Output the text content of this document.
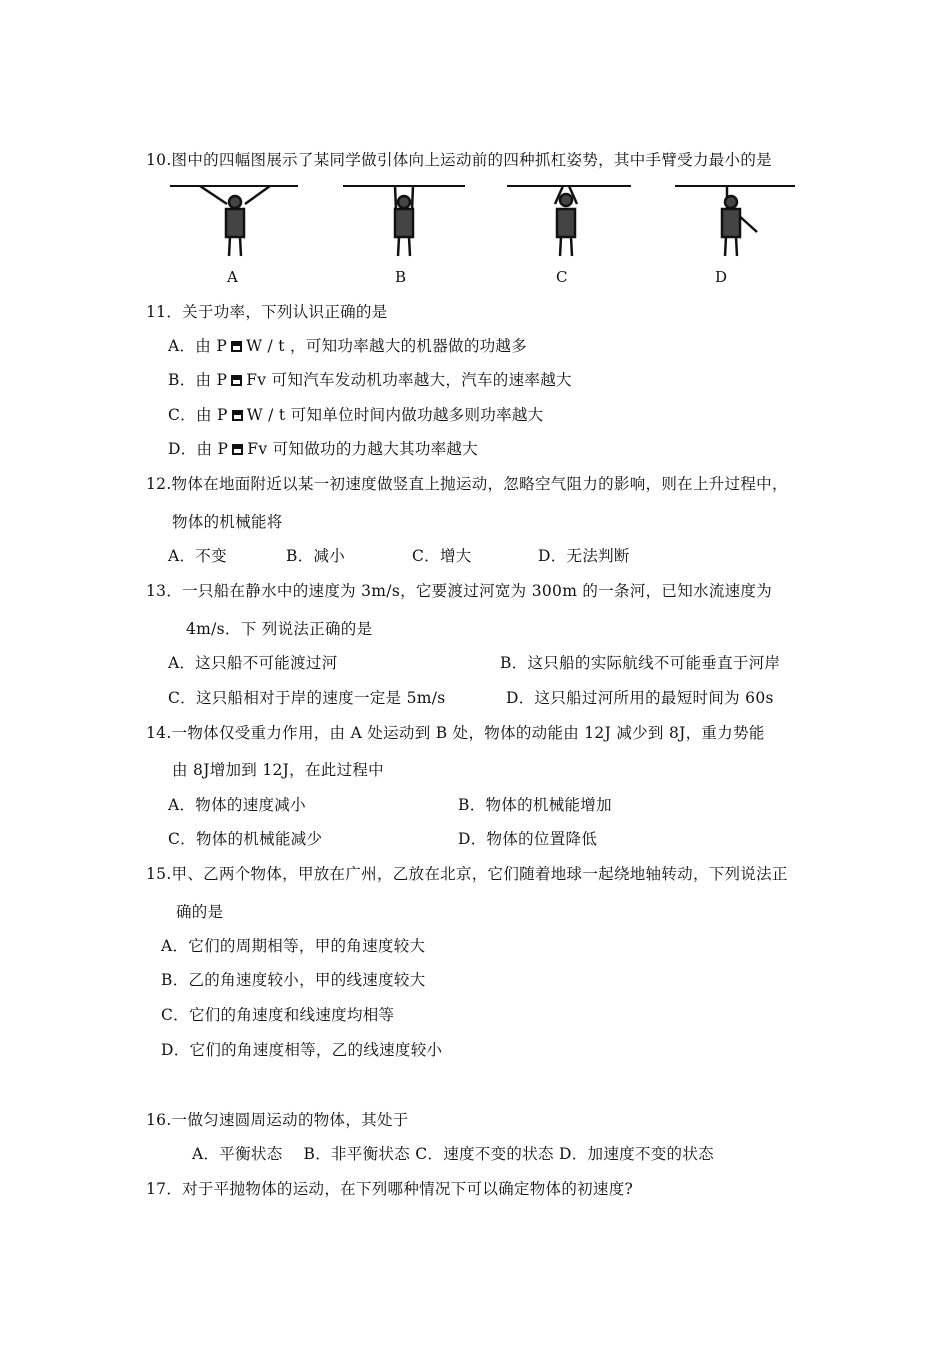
10.图中的四幅图展示了某同学做引体向上运动前的四种抓杠姿势，其中手臂受力最小的是
A	B	C	D
11．关于功率，下列认识正确的是
A．由 P W / t ，可知功率越大的机器做的功越多
B．由 P Fv 可知汽车发动机功率越大，汽车的速率越大
C．由 P W / t 可知单位时间内做功越多则功率越大
D．由 P Fv 可知做功的力越大其功率越大
12.物体在地面附近以某一初速度做竖直上抛运动，忽略空气阻力的影响，则在上升过程中，
物体的机械能将
A．不变	B．减小	C．增大	D．无法判断
13．一只船在静水中的速度为 3m/s，它要渡过河宽为 300m 的一条河，已知水流速度为
4m/s．下 列说法正确的是
A．这只船不可能渡过河	B．这只船的实际航线不可能垂直于河岸
C．这只船相对于岸的速度一定是 5m/s	D．这只船过河所用的最短时间为 60s
14.一物体仅受重力作用，由 A 处运动到 B 处，物体的动能由 12J 减少到 8J，重力势能
由 8J增加到 12J，在此过程中
A．物体的速度减小	B．物体的机械能增加
C．物体的机械能减少	D．物体的位置降低
15.甲、乙两个物体，甲放在广州，乙放在北京，它们随着地球一起绕地轴转动，下列说法正
确的是
A．它们的周期相等，甲的角速度较大
B．乙的角速度较小，甲的线速度较大
C．它们的角速度和线速度均相等
D．它们的角速度相等，乙的线速度较小
16.一做匀速圆周运动的物体，其处于
A．平衡状态　 B．非平衡状态 C．速度不变的状态 D．加速度不变的状态
17．对于平抛物体的运动，在下列哪种情况下可以确定物体的初速度?
